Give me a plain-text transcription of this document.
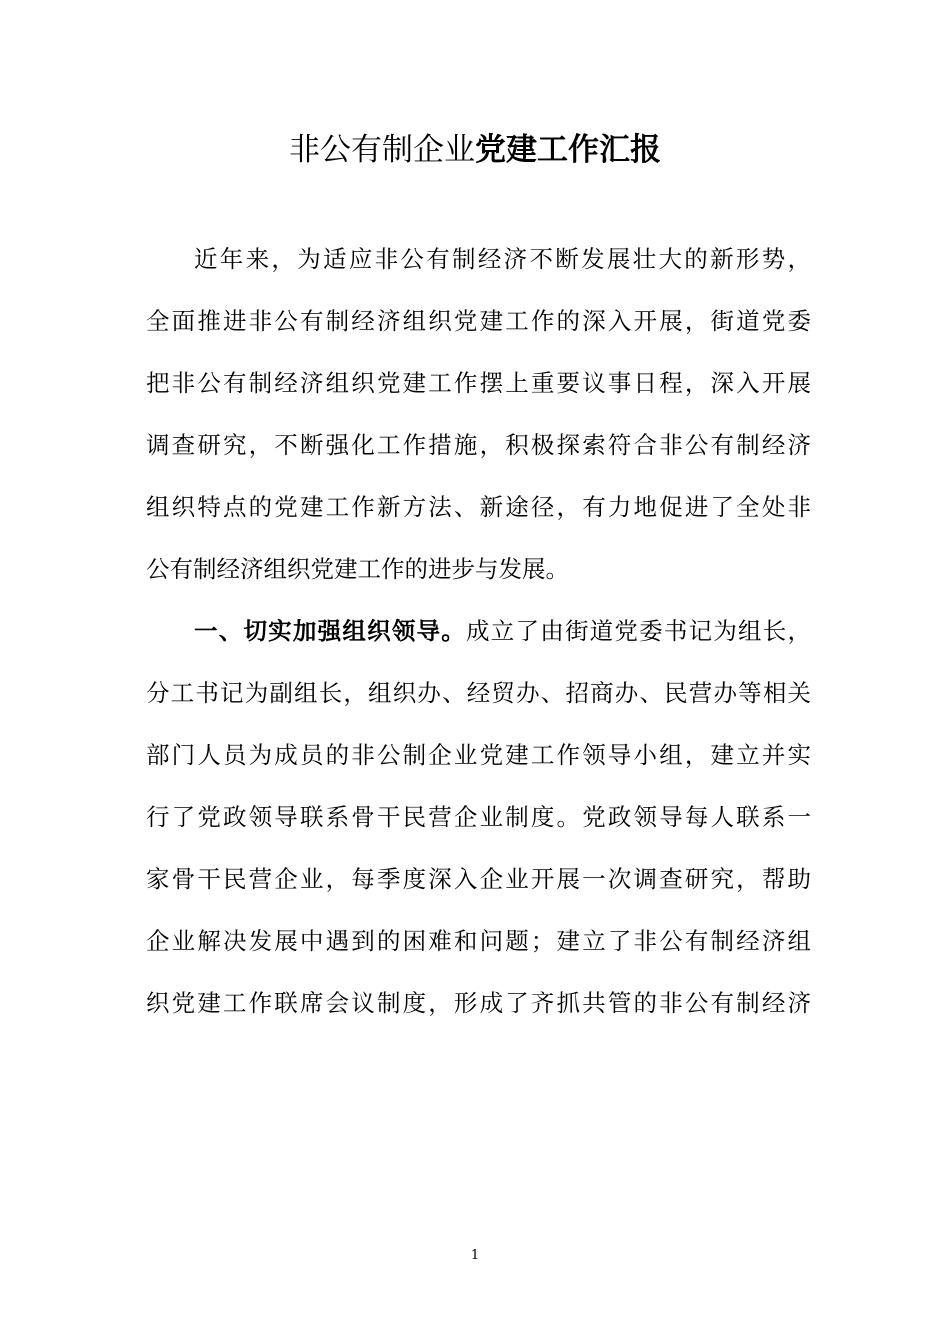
非公有制企业党建工作汇报
近年来，为适应非公有制经济不断发展壮大的新形势，
全面推进非公有制经济组织党建工作的深入开展，街道党委
把非公有制经济组织党建工作摆上重要议事日程，深入开展
调查研究，不断强化工作措施，积极探索符合非公有制经济
组织特点的党建工作新方法、新途径，有力地促进了全处非
公有制经济组织党建工作的进步与发展。
一、切实加强组织领导。成立了由街道党委书记为组长，
分工书记为副组长，组织办、经贸办、招商办、民营办等相关
部门人员为成员的非公制企业党建工作领导小组，建立并实
行了党政领导联系骨干民营企业制度。党政领导每人联系一
家骨干民营企业，每季度深入企业开展一次调查研究，帮助
企业解决发展中遇到的困难和问题；建立了非公有制经济组
织党建工作联席会议制度，形成了齐抓共管的非公有制经济
1
